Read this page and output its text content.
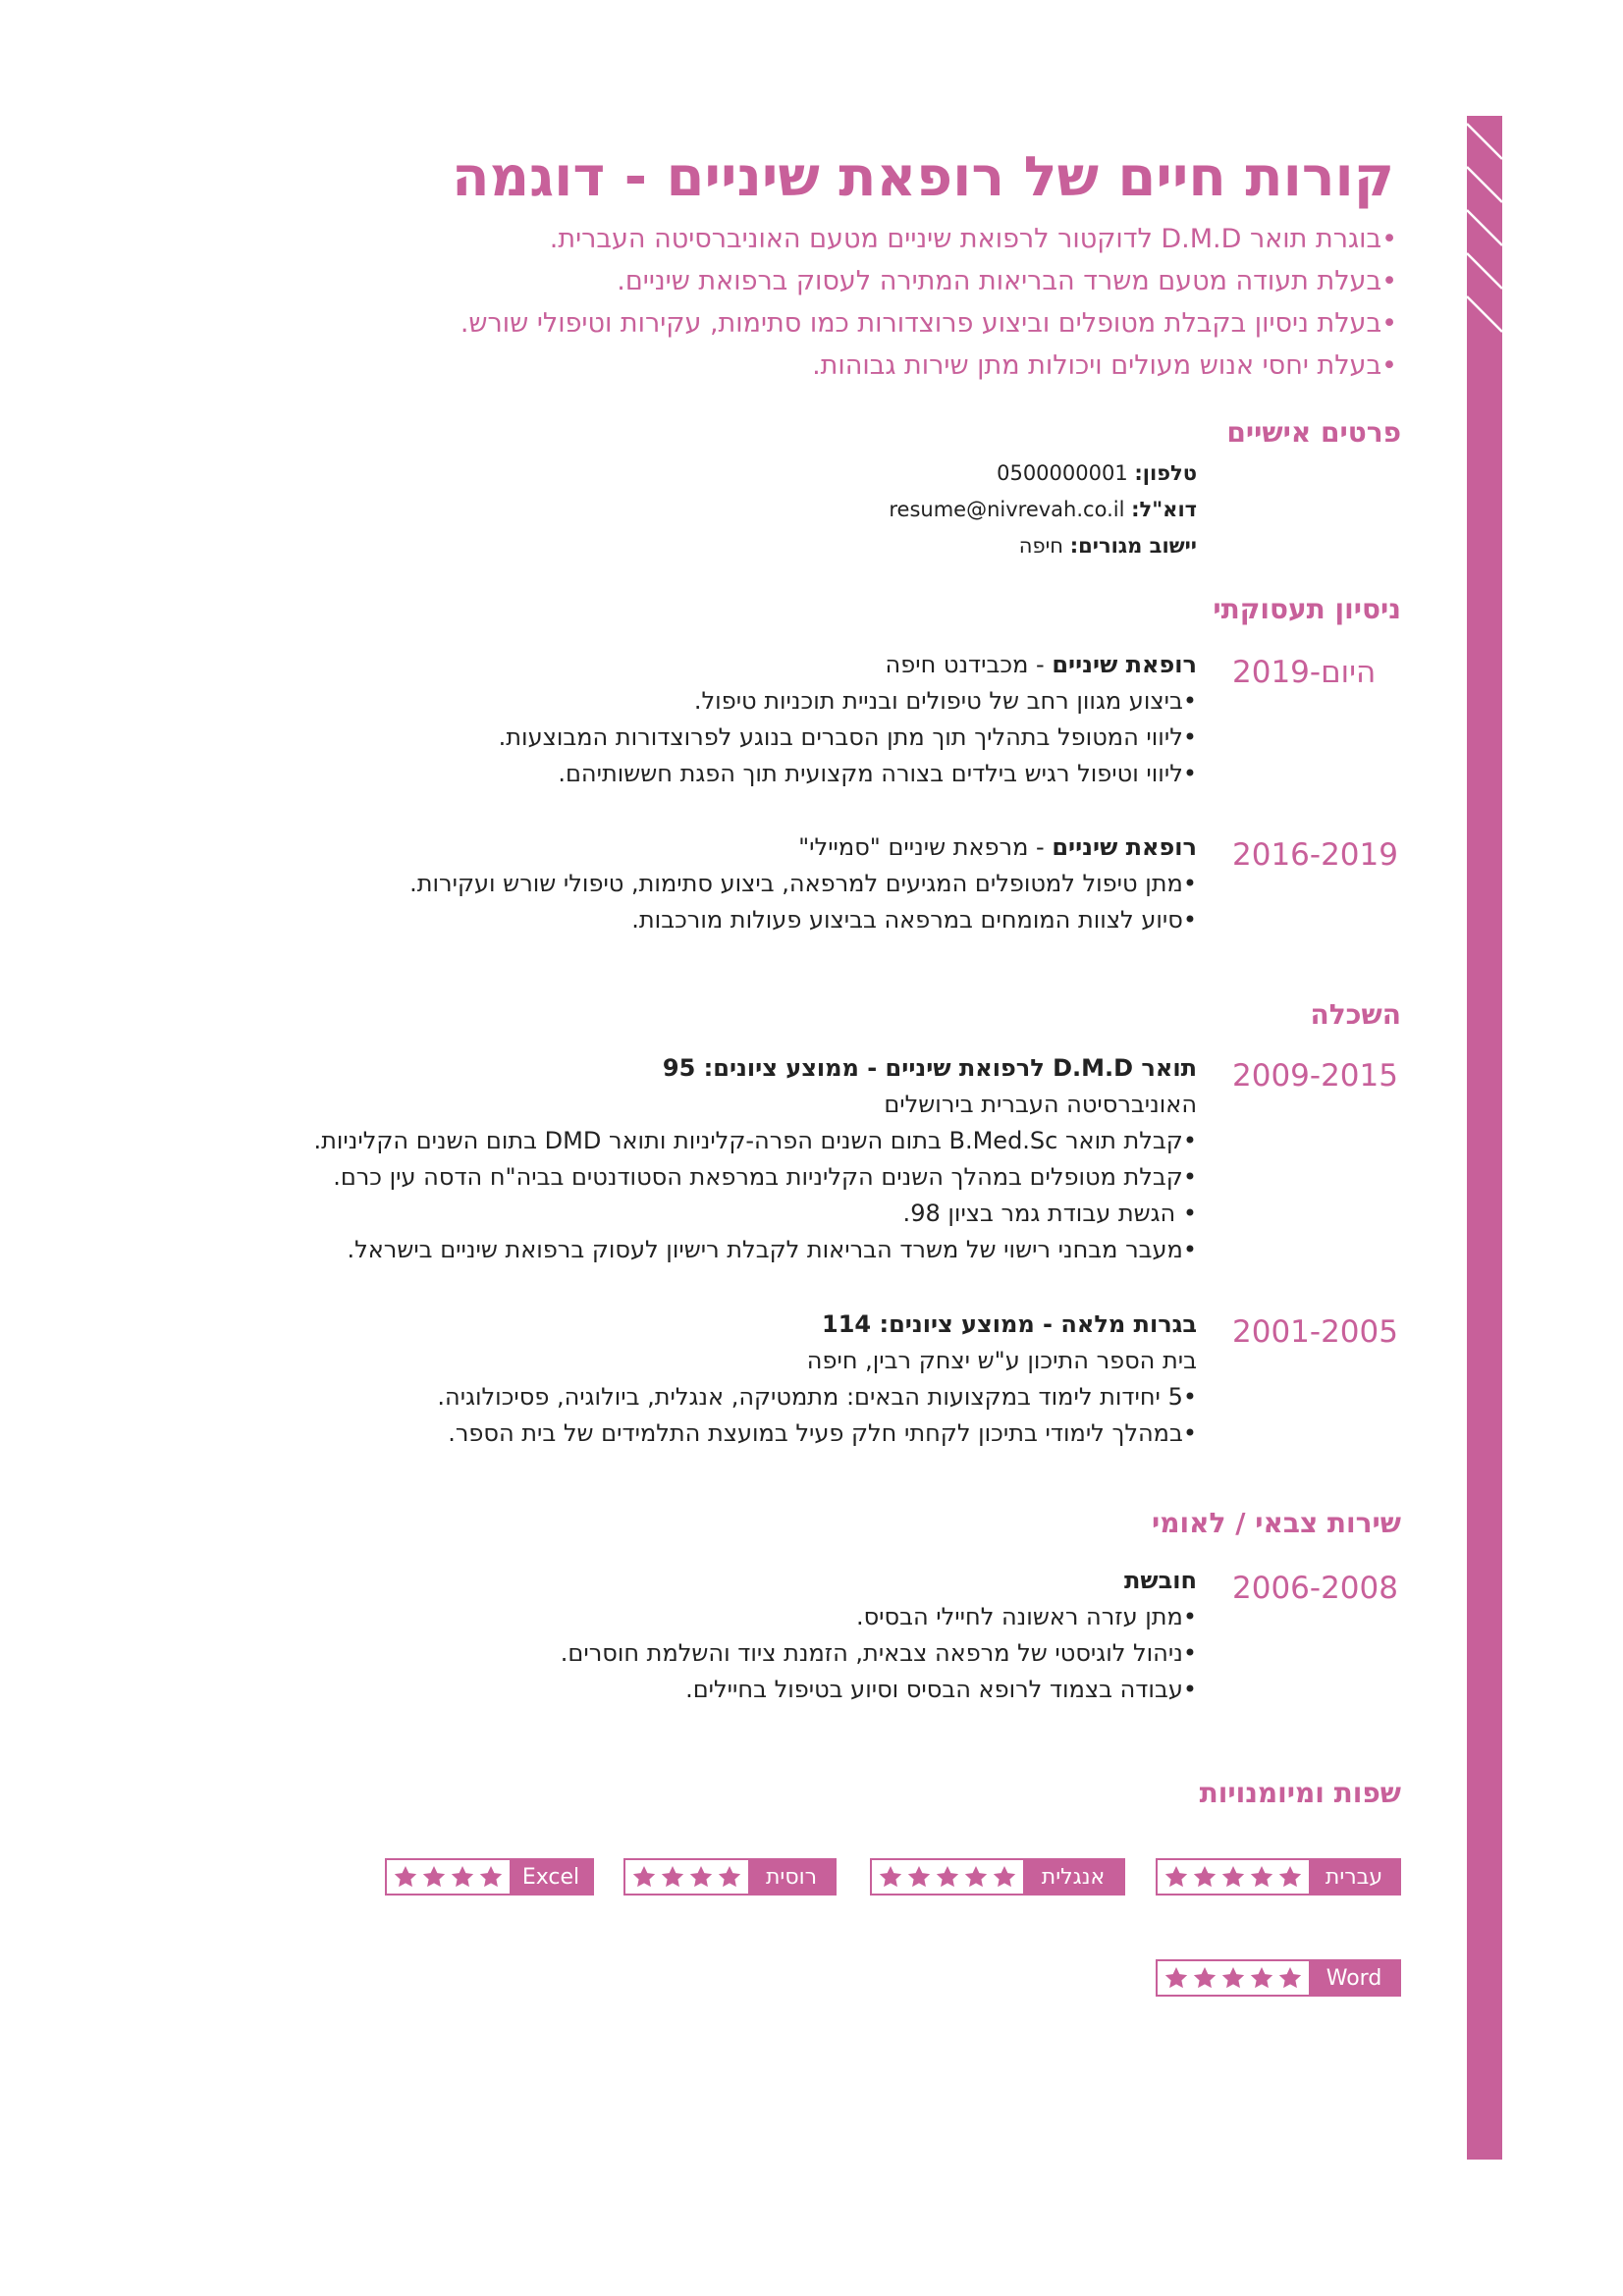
קורות חיים של רופאת שיניים - דוגמה
•בוגרת תואר D.M.D לדוקטור לרפואת שיניים מטעם האוניברסיטה העברית.
•בעלת תעודה מטעם משרד הבריאות המתירה לעסוק ברפואת שיניים.
•בעלת ניסיון בקבלת מטופלים וביצוע פרוצדורות כמו סתימות, עקירות וטיפולי שורש.
•בעלת יחסי אנוש מעולים ויכולות מתן שירות גבוהות.
פרטים אישיים
טלפון: 0500000001
דוא"ל: resume@nivrevah.co.il
יישוב מגורים: חיפה
ניסיון תעסוקתי
2019-היום
רופאת שיניים - מכבידנט חיפה
•ביצוע מגוון רחב של טיפולים ובניית תוכניות טיפול.
•ליווי המטופל בתהליך תוך מתן הסברים בנוגע לפרוצדורות המבוצעות.
•ליווי וטיפול רגיש בילדים בצורה מקצועית תוך הפגת חששותיהם.
2016-2019
רופאת שיניים - מרפאת שיניים "סמיילי"
•מתן טיפול למטופלים המגיעים למרפאה, ביצוע סתימות, טיפולי שורש ועקירות.
•סיוע לצוות המומחים במרפאה בביצוע פעולות מורכבות.
השכלה
2009-2015
תואר D.M.D לרפואת שיניים - ממוצע ציונים: 95
האוניברסיטה העברית בירושלים
•קבלת תואר B.Med.Sc בתום השנים הפרה-קליניות ותואר DMD בתום השנים הקליניות.
•קבלת מטופלים במהלך השנים הקליניות במרפאת הסטודנטים בביה"ח הדסה עין כרם.
• הגשת עבודת גמר בציון 98.
•מעבר מבחני רישוי של משרד הבריאות לקבלת רישיון לעסוק ברפואת שיניים בישראל.
2001-2005
בגרות מלאה - ממוצע ציונים: 114
בית הספר התיכון ע"ש יצחק רבין, חיפה
•5 יחידות לימוד במקצועות הבאים: מתמטיקה, אנגלית, ביולוגיה, פסיכולוגיה.
•במהלך לימודי בתיכון לקחתי חלק פעיל במועצת התלמידים של בית הספר.
שירות צבאי / לאומי
2006-2008
חובשת
•מתן עזרה ראשונה לחיילי הבסיס.
•ניהול לוגיסטי של מרפאה צבאית, הזמנת ציוד והשלמת חוסרים.
•עבודה בצמוד לרופא הבסיס וסיוע בטיפול בחיילים.
שפות ומיומנויות
עברית
אנגלית
רוסית
Excel
Word
